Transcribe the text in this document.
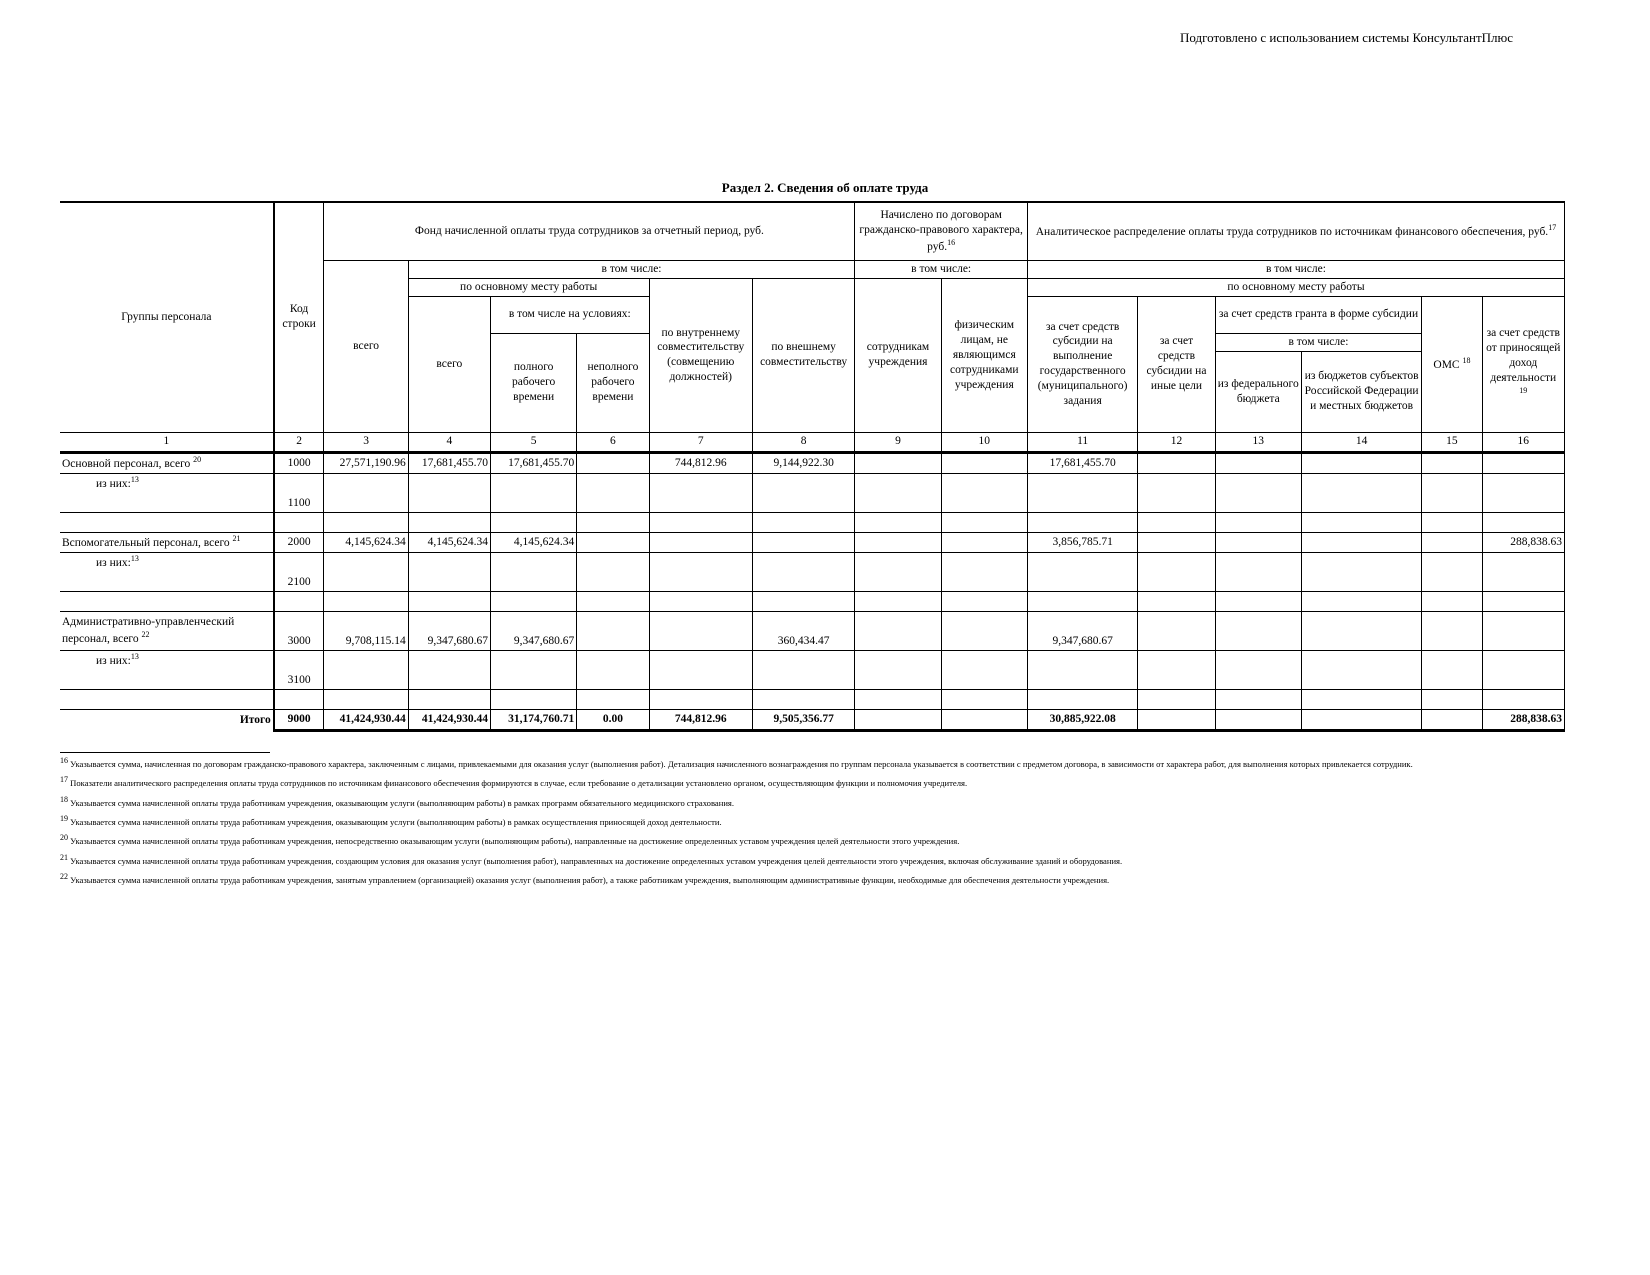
Подготовлено с использованием системы КонсультантПлюс
Раздел 2. Сведения об оплате труда
Группы персонала	Код строки	Фонд начисленной оплаты труда сотрудников за отчетный период, руб.						Начислено по договорам гражданско-правового характера, руб.$^{16}$		Аналитическое распределение оплаты труда сотрудников по источникам финансового обеспечения, руб.$^{17}$
		всего	в том числе:					в том числе:		в том числе:					
			по основному месту работы			по внутреннему совместительству (совмещению должностей)	по внешнему совместительству	сотрудникам учреждения	физическим лицам, не являющимся сотрудниками учреждения	по основному месту работы					
			всего	в том числе на условиях:						за счет средств субсидии на выполнение государственного (муниципального) задания	за счет средств субсидии на иные цели	за счет средств гранта в форме субсидии		ОМС $^{18}$	за счет средств от приносящей доход деятельности
$^{19}$
				полного рабочего времени	неполного рабочего времени							в том числе:			
												из федерального бюджета	из бюджетов субъектов Российской Федерации и местных бюджетов		
1	2	3	4	5	6	7	8	9	10	11	12	13	14	15	16
Основной персонал, всего $^{20}$	1000	27,571,190.96	17,681,455.70	17,681,455.70		744,812.96	9,144,922.30			17,681,455.70					
из них:$^{13}$	1100														

Вспомогательный персонал, всего $^{21}$	2000	4,145,624.34	4,145,624.34	4,145,624.34						3,856,785.71					288,838.63
из них:$^{13}$	2100														

Административно-управленческий персонал, всего $^{22}$	3000	9,708,115.14	9,347,680.67	9,347,680.67			360,434.47			9,347,680.67					
из них:$^{13}$	3100														

Итого	9000	41,424,930.44	41,424,930.44	31,174,760.71	0.00	744,812.96	9,505,356.77			30,885,922.08					288,838.63
$^{16}$ Указывается сумма, начисленная по договорам гражданско-правового характера, заключенным с лицами, привлекаемыми для оказания услуг (выполнения работ). Детализация начисленного вознаграждения по группам персонала указывается в соответствии с предметом договора, в зависимости от характера работ, для выполнения которых привлекается сотрудник.
$^{17}$ Показатели аналитического распределения оплаты труда сотрудников по источникам финансового обеспечения формируются в случае, если требование о детализации установлено органом, осуществляющим функции и полномочия учредителя.
$^{18}$ Указывается сумма начисленной оплаты труда работникам учреждения, оказывающим услуги (выполняющим работы) в рамках программ обязательного медицинского страхования.
$^{19}$ Указывается сумма начисленной оплаты труда работникам учреждения, оказывающим услуги (выполняющим работы) в рамках осуществления приносящей доход деятельности.
$^{20}$ Указывается сумма начисленной оплаты труда работникам учреждения, непосредственно оказывающим услуги (выполняющим работы), направленные на достижение определенных уставом учреждения целей деятельности этого учреждения.
$^{21}$ Указывается сумма начисленной оплаты труда работникам учреждения, создающим условия для оказания услуг (выполнения работ), направленных на достижение определенных уставом учреждения целей деятельности этого учреждения, включая обслуживание зданий и оборудования.
$^{22}$ Указывается сумма начисленной оплаты труда работникам учреждения, занятым управлением (организацией) оказания услуг (выполнения работ), а также работникам учреждения, выполняющим административные функции, необходимые для обеспечения деятельности учреждения.
